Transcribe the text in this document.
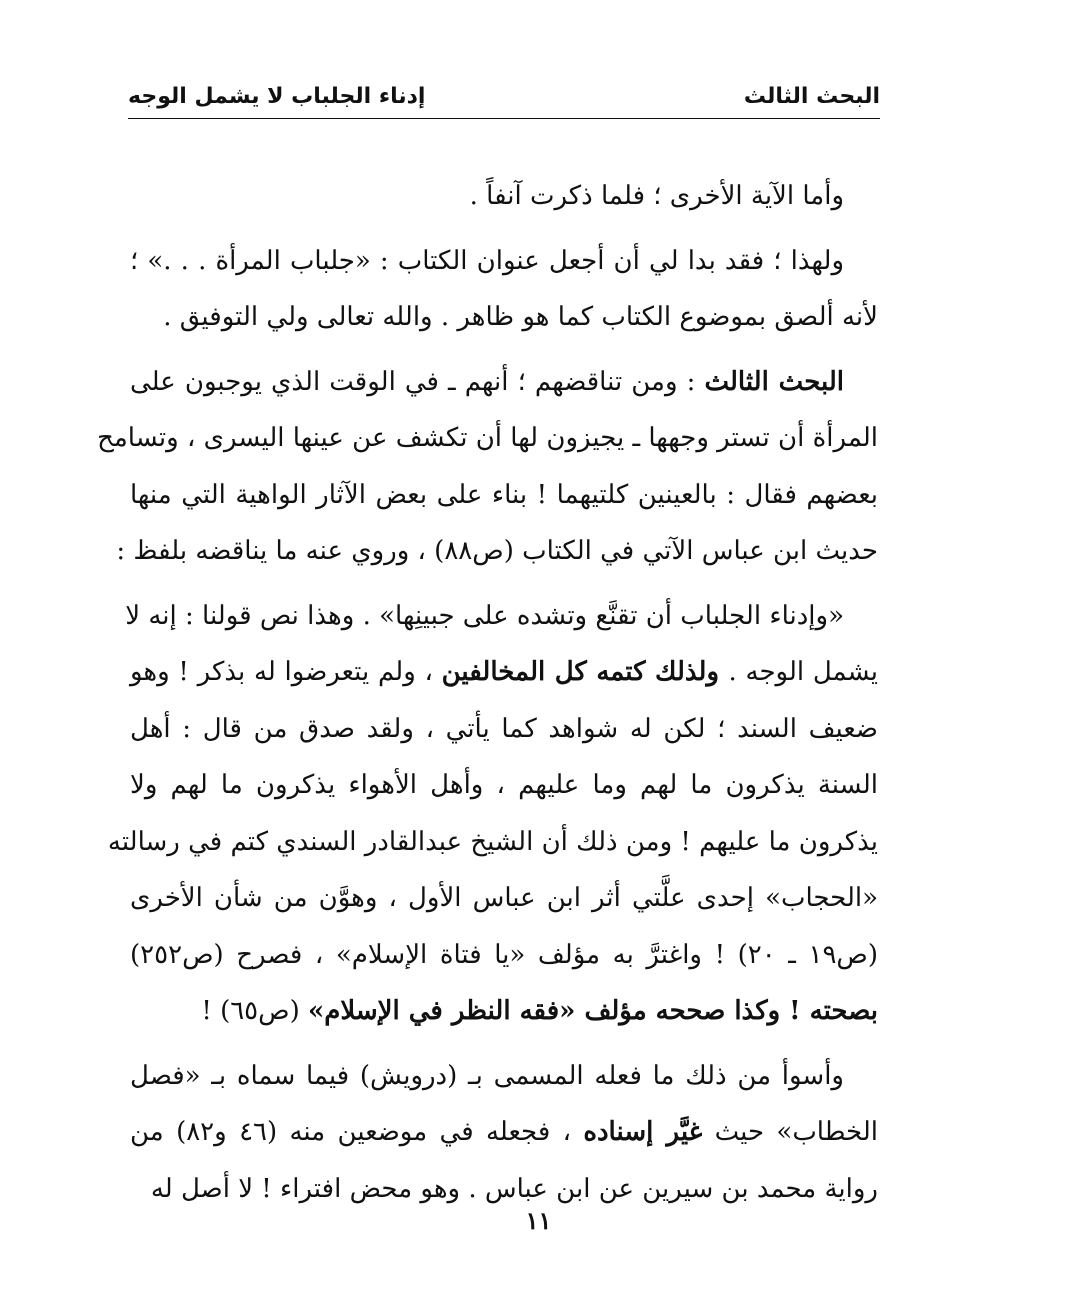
البحث الثالث
إدناء الجلباب لا يشمل الوجه

وأما الآية الأخرى ؛ فلما ذكرت آنفاً .

ولهذا ؛ فقد بدا لي أن أجعل عنوان الكتاب : «جلباب المرأة . . .» ؛
لأنه ألصق بموضوع الكتاب كما هو ظاهر . والله تعالى ولي التوفيق .

البحث الثالث : ومن تناقضهم ؛ أنهم ـ في الوقت الذي يوجبون على
المرأة أن تستر وجهها ـ يجيزون لها أن تكشف عن عينها اليسرى ، وتسامح
بعضهم فقال : بالعينين كلتيهما ! بناء على بعض الآثار الواهية التي منها
حديث ابن عباس الآتي في الكتاب (ص٨٨) ، وروي عنه ما يناقضه بلفظ :

«وإدناء الجلباب أن تقنَّع وتشده على جبينِها» . وهذا نص قولنا : إنه لا
يشمل الوجه . ولذلك كتمه كل المخالفين ، ولم يتعرضوا له بذكر ! وهو
ضعيف السند ؛ لكن له شواهد كما يأتي ، ولقد صدق من قال : أهل
السنة يذكرون ما لهم وما عليهم ، وأهل الأهواء يذكرون ما لهم ولا
يذكرون ما عليهم ! ومن ذلك أن الشيخ عبدالقادر السندي كتم في رسالته
«الحجاب» إحدى علَّتي أثر ابن عباس الأول ، وهوَّن من شأن الأخرى
(ص١٩ ـ ٢٠) ! واغترَّ به مؤلف «يا فتاة الإسلام» ، فصرح (ص٢٥٢)
بصحته ! وكذا صححه مؤلف «فقه النظر في الإسلام» (ص٦٥) !

وأسوأ من ذلك ما فعله المسمى بـ (درويش) فيما سماه بـ «فصل
الخطاب» حيث غيَّر إسناده ، فجعله في موضعين منه (٤٦ و٨٢) من
رواية محمد بن سيرين عن ابن عباس . وهو محض افتراء ! لا أصل له

١١
